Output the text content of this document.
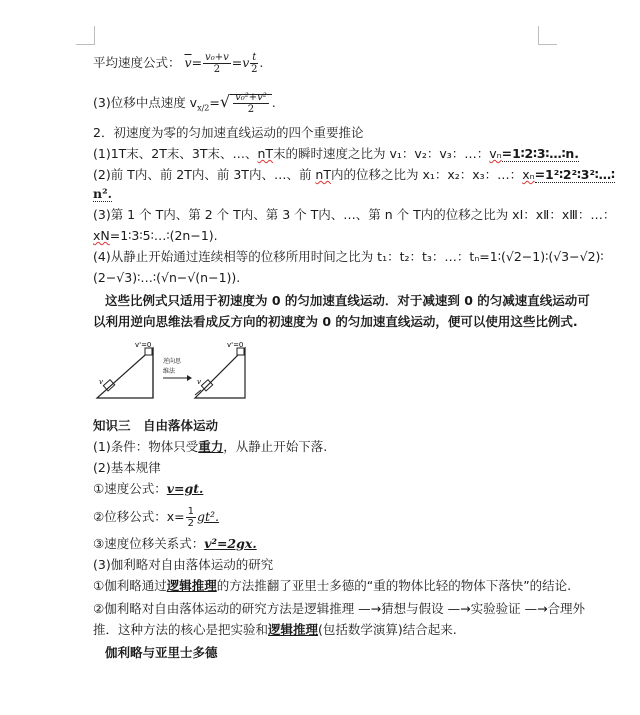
平均速度公式： $\overline{v}= \frac{\text{v₀+v}}{2} =v \frac{t}{2}$ .
(3)位移中点速度 $v_{x/2}=√ \frac{\text{v₀²+v²}}{2}$ .
2．初速度为零的匀加速直线运动的四个重要推论
(1)1T末、2T末、3T末、…、nT末的瞬时速度之比为 v₁：v₂：v₃：…：vₙ=1∶2∶3∶…∶n.
(2)前 T内、前 2T内、前 3T内、…、前 nT内的位移之比为 x₁：x₂：x₃：…：xₙ=1²∶2²∶3²∶…∶
n².
(3)第 1 个 T内、第 2 个 T内、第 3 个 T内、…、第 n 个 T内的位移之比为 xⅠ：xⅡ：xⅢ：…：
xN=1∶3∶5∶…∶(2n−1).
(4)从静止开始通过连续相等的位移所用时间之比为 t₁：t₂：t₃：…：tₙ=1∶(√2−1)∶(√3−√2)∶
(2−√3)∶…∶(√n−√(n−1)).
这些比例式只适用于初速度为 0 的匀加速直线运动．对于减速到 0 的匀减速直线运动可
以利用逆向思维法看成反方向的初速度为 0 的匀加速直线运动，便可以使用这些比例式.
v'=0
v
逆向思
维法
v'=0
v
知识三　自由落体运动
(1)条件：物体只受重力，从静止开始下落.
(2)基本规律
①速度公式：v=gt.
②位移公式：$x= \frac{1}{2} gt^2$.
③速度位移关系式：v²=2gx.
(3)伽利略对自由落体运动的研究
①伽利略通过逻辑推理的方法推翻了亚里士多德的“重的物体比轻的物体下落快”的结论.
②伽利略对自由落体运动的研究方法是逻辑推理 —→猜想与假设 —→实验验证 —→合理外
推．这种方法的核心是把实验和逻辑推理(包括数学演算)结合起来.
伽利略与亚里士多德
